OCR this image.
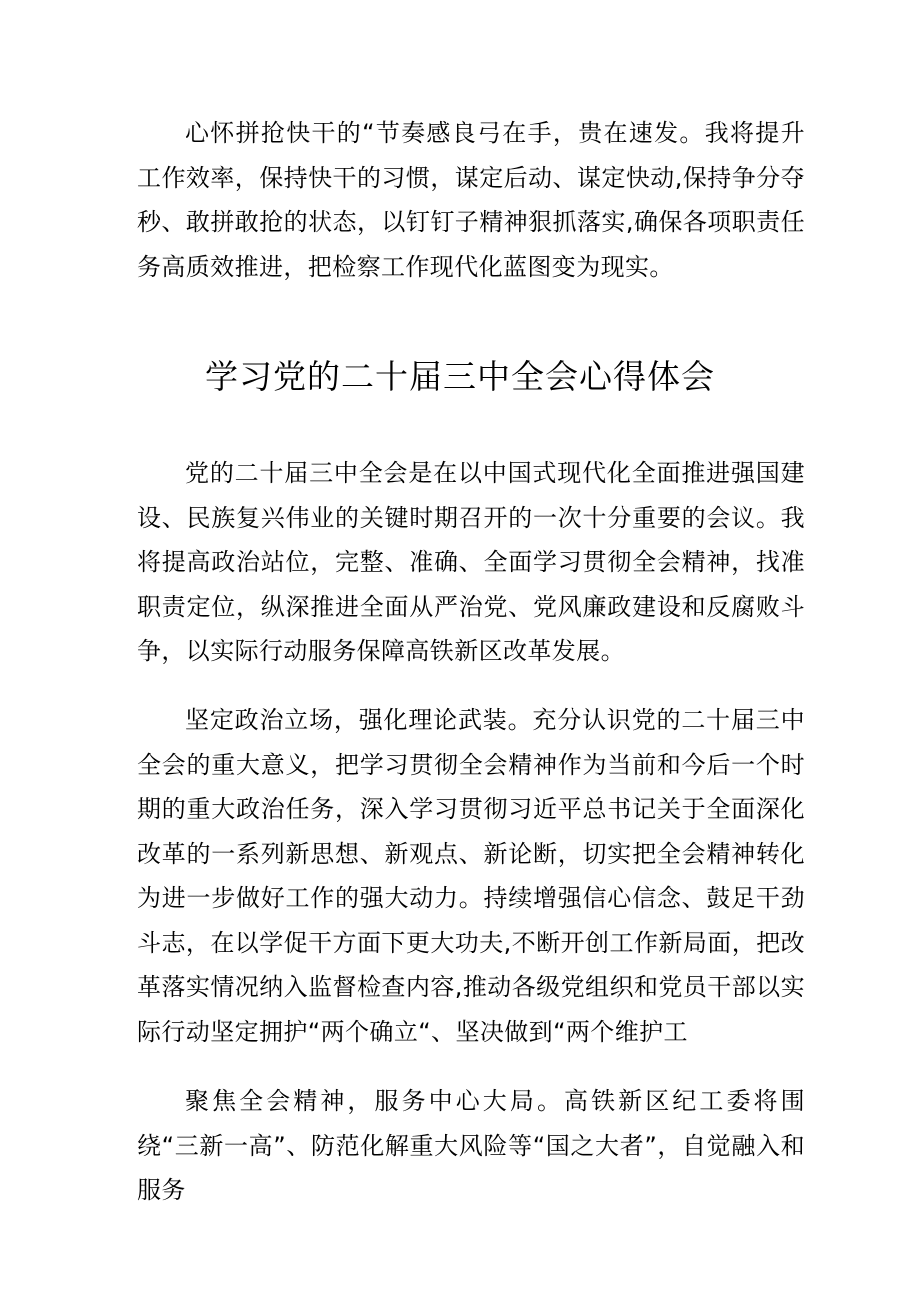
心怀拼抢快干的“节奏感良弓在手，贵在速发。我将提升工作效率，保持快干的习惯，谋定后动、谋定快动,保持争分夺秒、敢拼敢抢的状态，以钉钉子精神狠抓落实,确保各项职责任务高质效推进，把检察工作现代化蓝图变为现实。

学习党的二十届三中全会心得体会

党的二十届三中全会是在以中国式现代化全面推进强国建设、民族复兴伟业的关键时期召开的一次十分重要的会议。我将提高政治站位，完整、准确、全面学习贯彻全会精神，找准职责定位，纵深推进全面从严治党、党风廉政建设和反腐败斗争，以实际行动服务保障高铁新区改革发展。

坚定政治立场，强化理论武装。充分认识党的二十届三中全会的重大意义，把学习贯彻全会精神作为当前和今后一个时期的重大政治任务，深入学习贯彻习近平总书记关于全面深化改革的一系列新思想、新观点、新论断，切实把全会精神转化为进一步做好工作的强大动力。持续增强信心信念、鼓足干劲斗志，在以学促干方面下更大功夫,不断开创工作新局面，把改革落实情况纳入监督检查内容,推动各级党组织和党员干部以实际行动坚定拥护“两个确立“、坚决做到“两个维护工

聚焦全会精神，服务中心大局。高铁新区纪工委将围绕“三新一高”、防范化解重大风险等“国之大者”，自觉融入和服务
